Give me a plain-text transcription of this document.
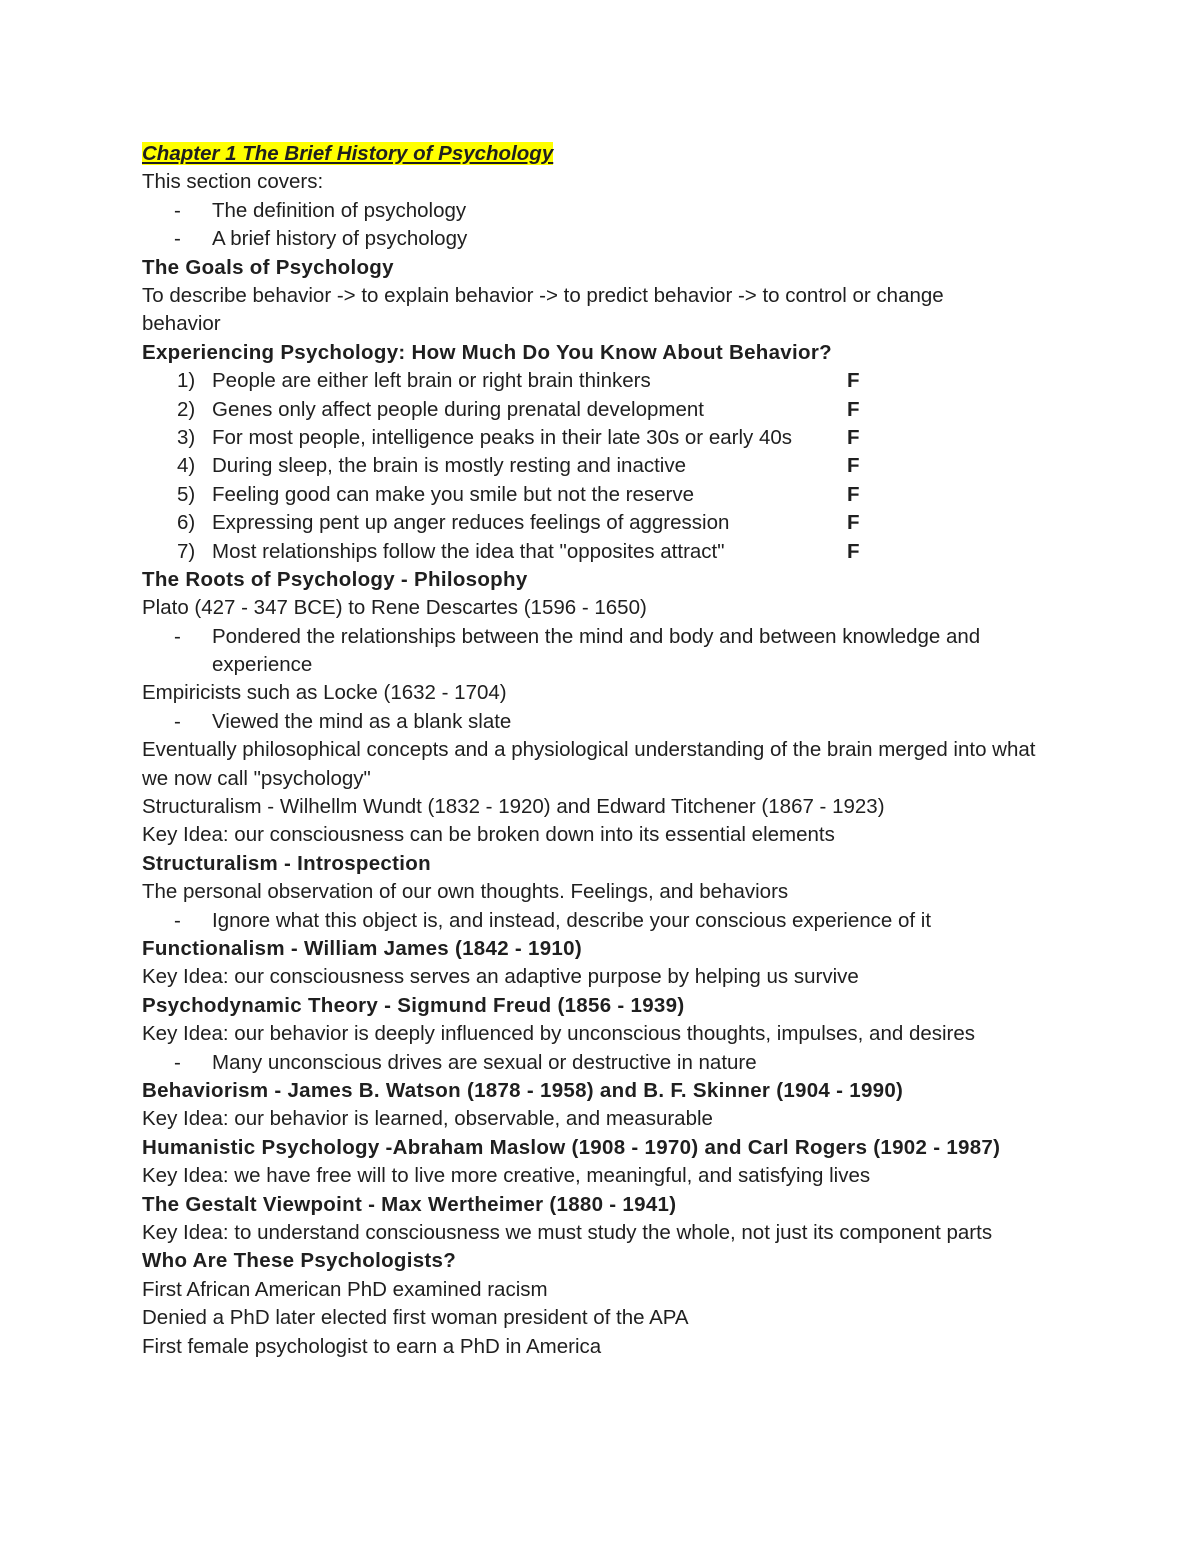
Chapter 1 The Brief History of Psychology
This section covers:
- The definition of psychology
- A brief history of psychology
The Goals of Psychology
To describe behavior -> to explain behavior -> to predict behavior -> to control or change behavior
Experiencing Psychology: How Much Do You Know About Behavior?
1) People are either left brain or right brain thinkers	F
2) Genes only affect people during prenatal development	F
3) For most people, intelligence peaks in their late 30s or early 40s	F
4) During sleep, the brain is mostly resting and inactive	F
5) Feeling good can make you smile but not the reserve	F
6) Expressing pent up anger reduces feelings of aggression	F
7) Most relationships follow the idea that "opposites attract"	F
The Roots of Psychology - Philosophy
Plato (427 - 347 BCE) to Rene Descartes (1596 - 1650)
- Pondered the relationships between the mind and body and between knowledge and experience
Empiricists such as Locke (1632 - 1704)
- Viewed the mind as a blank slate
Eventually philosophical concepts and a physiological understanding of the brain merged into what we now call "psychology"
Structuralism - Wilhellm Wundt (1832 - 1920) and Edward Titchener (1867 - 1923)
Key Idea: our consciousness can be broken down into its essential elements
Structuralism - Introspection
The personal observation of our own thoughts. Feelings, and behaviors
- Ignore what this object is, and instead, describe your conscious experience of it
Functionalism - William James (1842 - 1910)
Key Idea: our consciousness serves an adaptive purpose by helping us survive
Psychodynamic Theory - Sigmund Freud (1856 - 1939)
Key Idea: our behavior is deeply influenced by unconscious thoughts, impulses, and desires
- Many unconscious drives are sexual or destructive in nature
Behaviorism - James B. Watson (1878 - 1958) and B. F. Skinner (1904 - 1990)
Key Idea: our behavior is learned, observable, and measurable
Humanistic Psychology -Abraham Maslow (1908 - 1970) and Carl Rogers (1902 - 1987)
Key Idea: we have free will to live more creative, meaningful, and satisfying lives
The Gestalt Viewpoint - Max Wertheimer (1880 - 1941)
Key Idea: to understand consciousness we must study the whole, not just its component parts
Who Are These Psychologists?
First African American PhD examined racism
Denied a PhD later elected first woman president of the APA
First female psychologist to earn a PhD in America
